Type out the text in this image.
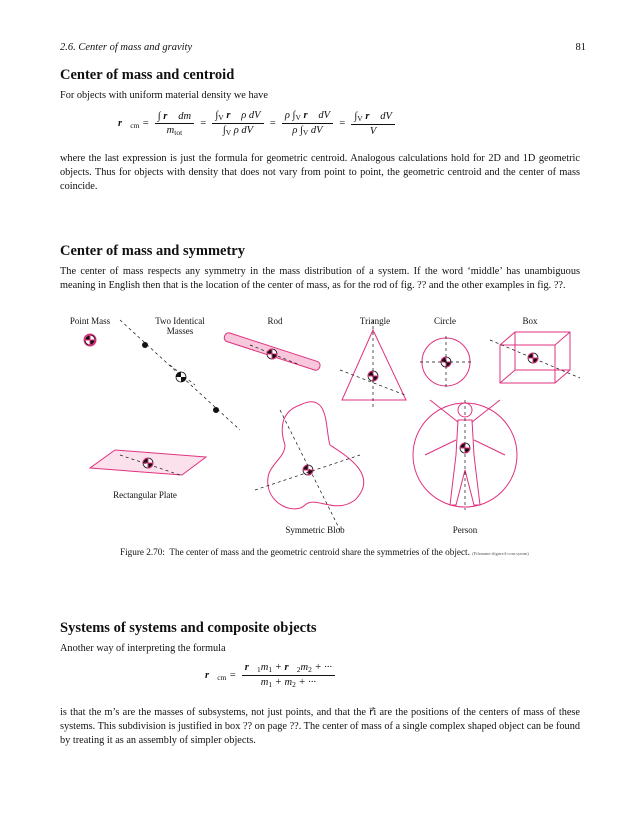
2.6. Center of mass and gravity	81
Center of mass and centroid

For objects with uniform material density we have

$r⃗_{cm} = \frac{\int r⃗ dm}{m_{tot}} = \frac{\int_V r⃗ \rho dV}{\int_V \rho dV} = \frac{\rho \int_V r⃗ dV}{\rho \int_V dV} = \frac{\int_V r⃗ dV}{V}$

where the last expression is just the formula for geometric centroid. Analogous calculations hold for 2D and 1D geometric objects. Thus for objects with density that does not vary from point to point, the geometric centroid and the center of mass coincide.

Center of mass and symmetry

The center of mass respects any symmetry in the mass distribution of a system. If the word ‘middle’ has unambiguous meaning in English then that is the location of the center of mass, as for the rod of fig. ?? and the other examples in fig. ??.

Point Mass	Two Identical
Masses
Rod	Triangle	Circle	Box
Rectangular Plate
Symmetric Blob	Person
Figure 2.70: The center of mass and the geometric centroid share the symmetries of the object. (Filename:tfigure4-com.symm)
Systems of systems and composite objects

Another way of interpreting the formula

$r⃗_{cm} = \frac{r⃗_1m_1 + r⃗_2m_2 + \cdot\cdot\cdot}{m_1 + m_2 + \cdot\cdot\cdot}$

is that the m’s are the masses of subsystems, not just points, and that the r⃗i are the positions of the centers of mass of these systems. This subdivision is justified in box ?? on page ??. The center of mass of a single complex shaped object can be found by treating it as an assembly of simpler objects.
